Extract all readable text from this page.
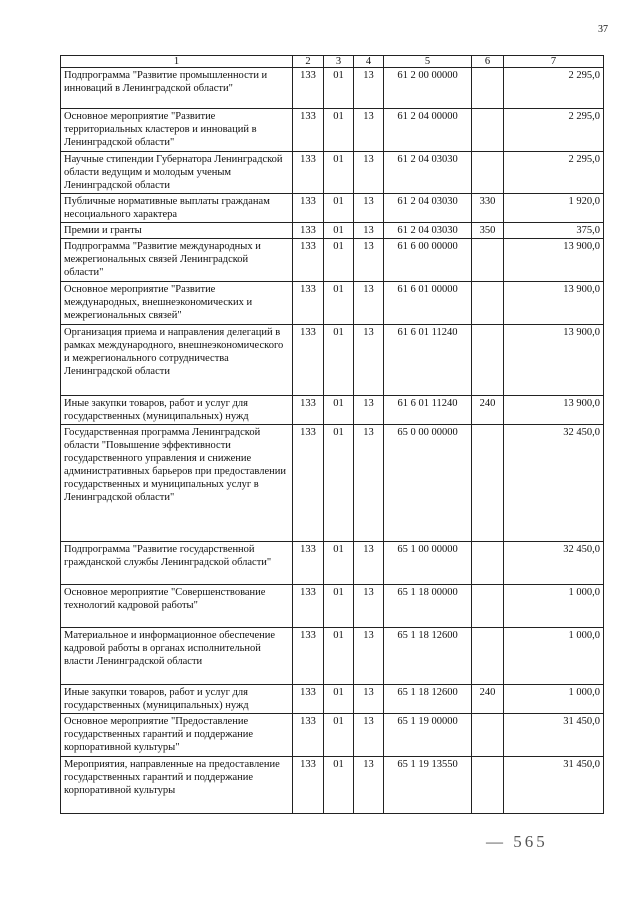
37
1	2	3	4	5	6	7
Подпрограмма "Развитие промышленности и инноваций в Ленинградской области"	133	01	13	61 2 00 00000		2 295,0
Основное мероприятие "Развитие территориальных кластеров и инноваций в Ленинградской области"	133	01	13	61 2 04 00000		2 295,0
Научные стипендии Губернатора Ленинградской области ведущим и молодым ученым Ленинградской области	133	01	13	61 2 04 03030		2 295,0
Публичные нормативные выплаты гражданам несоциального характера	133	01	13	61 2 04 03030	330	1 920,0
Премии и гранты	133	01	13	61 2 04 03030	350	375,0
Подпрограмма "Развитие международных и межрегиональных связей Ленинградской области"	133	01	13	61 6 00 00000		13 900,0
Основное мероприятие "Развитие международных, внешнеэкономических и межрегиональных связей"	133	01	13	61 6 01 00000		13 900,0
Организация приема и направления делегаций в рамках международного, внешнеэкономического и межрегионального сотрудничества Ленинградской области	133	01	13	61 6 01 11240		13 900,0
Иные закупки товаров, работ и услуг для государственных (муниципальных) нужд	133	01	13	61 6 01 11240	240	13 900,0
Государственная программа Ленинградской области "Повышение эффективности государственного управления и снижение административных барьеров при предоставлении государственных и муниципальных услуг в Ленинградской области"	133	01	13	65 0 00 00000		32 450,0
Подпрограмма "Развитие государственной гражданской службы Ленинградской области"	133	01	13	65 1 00 00000		32 450,0
Основное мероприятие "Совершенствование технологий кадровой работы"	133	01	13	65 1 18 00000		1 000,0
Материальное и информационное обеспечение кадровой работы в органах исполнительной власти Ленинградской области	133	01	13	65 1 18 12600		1 000,0
Иные закупки товаров, работ и услуг для государственных (муниципальных) нужд	133	01	13	65 1 18 12600	240	1 000,0
Основное мероприятие "Предоставление государственных гарантий и поддержание корпоративной культуры"	133	01	13	65 1 19 00000		31 450,0
Мероприятия, направленные на предоставление государственных гарантий и поддержание корпоративной культуры	133	01	13	65 1 19 13550		31 450,0
— 565
